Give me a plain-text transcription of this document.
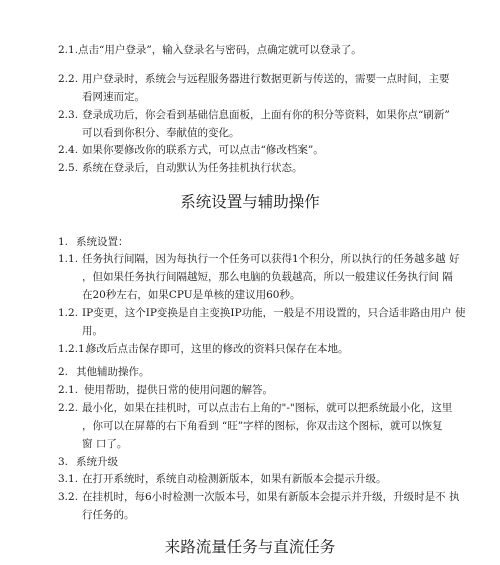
2.1. 点击“用户登录”，输入登录名与密码，点确定就可以登录了。
2.2. 用户登录时，系统会与远程服务器进行数据更新与传送的，需要一点时间，主要
看网速而定。
2.3. 登录成功后，你会看到基础信息面板，上面有你的积分等资料，如果你点“刷新”
可以看到你积分、奉献值的变化。
2.4. 如果你要修改你的联系方式，可以点击“修改档案”。
2.5. 系统在登录后，自动默认为任务挂机执行状态。
系统设置与辅助操作
1. 系统设置：
1.1. 任务执行间隔，因为每执行一个任务可以获得1个积分，所以执行的任务越多越 好
，但如果任务执行间隔越短，那么电脑的负载越高，所以一般建议任务执行间 隔
在20秒左右，如果CPU是单核的建议用60秒。
1.2. IP变更，这个IP变换是自主变换IP功能，一般是不用设置的，只合适非路由用户 使
用。
1.2.1.
修改后点击保存即可，这里的修改的资料只保存在本地。
2. 其他辅助操作。
2.1. 使用帮助，提供日常的使用问题的解答。
2.2. 最小化，如果在挂机时，可以点击右上角的"-"图标，就可以把系统最小化，这里
，你可以在屏幕的右下角看到 “旺”字样的图标，你双击这个图标，就可以恢复
窗 口了。
3. 系统升级
3.1. 在打开系统时，系统自动检测新版本，如果有新版本会提示升级。
3.2. 在挂机时，每6小时检测一次版本号，如果有新版本会提示并升级，升级时是不 执
行任务的。
来路流量任务与直流任务
